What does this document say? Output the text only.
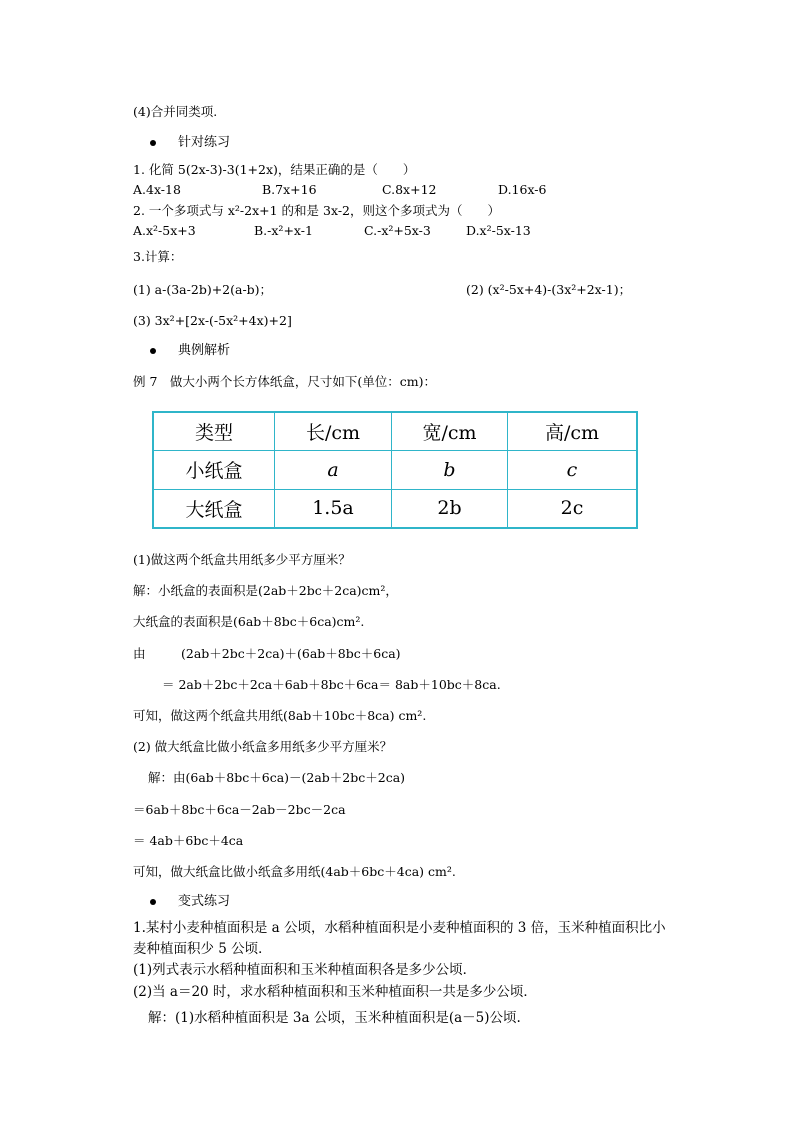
(4)合并同类项.
针对练习
1. 化简 5(2x-3)-3(1+2x)，结果正确的是（　　）
A.4x-18	B.7x+16	C.8x+12	D.16x-6
2. 一个多项式与 x²-2x+1 的和是 3x-2，则这个多项式为（　　）
A.x²-5x+3	B.-x²+x-1	C.-x²+5x-3	D.x²-5x-13
3.计算：
(1) a-(3a-2b)+2(a-b)；	(2) (x²-5x+4)-(3x²+2x-1)；
(3) 3x²+[2x-(-5x²+4x)+2]
典例解析
例 7　做大小两个长方体纸盒，尺寸如下(单位：cm)：
类型	长/cm	宽/cm	高/cm
小纸盒	a	b	c
大纸盒	1.5a	2b	2c
(1)做这两个纸盒共用纸多少平方厘米？
解：小纸盒的表面积是(2ab＋2bc＋2ca)cm²，
大纸盒的表面积是(6ab＋8bc＋6ca)cm².
由	(2ab＋2bc＋2ca)＋(6ab＋8bc＋6ca)
＝ 2ab＋2bc＋2ca＋6ab＋8bc＋6ca＝ 8ab＋10bc＋8ca.
可知，做这两个纸盒共用纸(8ab＋10bc＋8ca) cm².
(2) 做大纸盒比做小纸盒多用纸多少平方厘米？
解：由(6ab＋8bc＋6ca)－(2ab＋2bc＋2ca)
＝6ab＋8bc＋6ca－2ab－2bc－2ca
＝ 4ab＋6bc＋4ca
可知，做大纸盒比做小纸盒多用纸(4ab＋6bc＋4ca) cm².
变式练习
1.某村小麦种植面积是 a 公顷，水稻种植面积是小麦种植面积的 3 倍，玉米种植面积比小
麦种植面积少 5 公顷．
(1)列式表示水稻种植面积和玉米种植面积各是多少公顷．
(2)当 a＝20 时，求水稻种植面积和玉米种植面积一共是多少公顷．
解：(1)水稻种植面积是 3a 公顷，玉米种植面积是(a－5)公顷.
